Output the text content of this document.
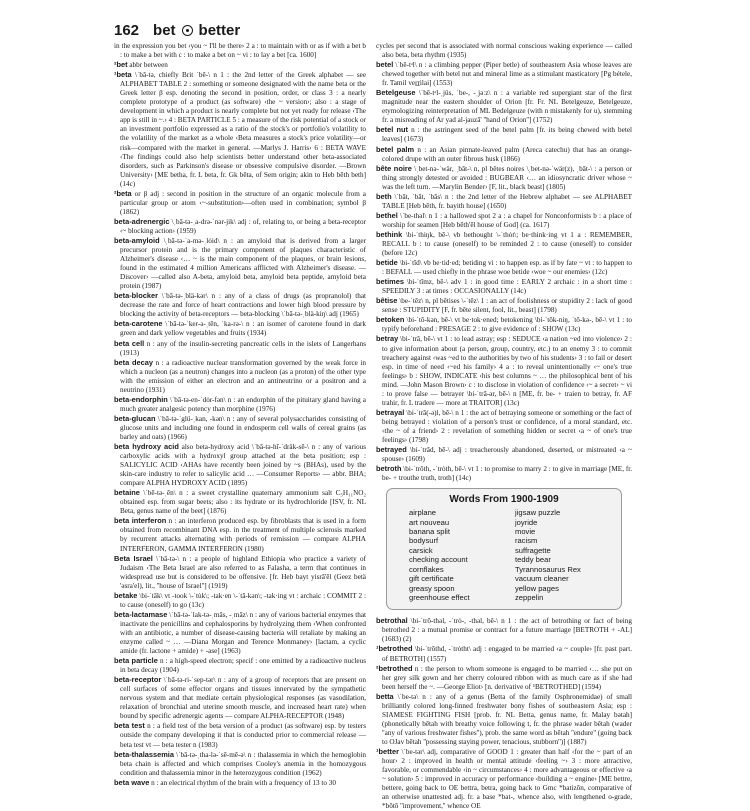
162 bet better

in the expression you bet ‹you ~ I'll be there› 2 a : to maintain with or as if with a bet b : to make a bet with c : to make a bet on ~ vi : to lay a bet [ca. 1600]

²bet abbr between

¹beta \ˈbā-tə, chiefly Brit ˈbē-\ n 1 : the 2nd letter of the Greek alphabet — see ALPHABET TABLE 2 : something or someone designated with the name beta or the Greek letter β esp. denoting the second in position, order, or class 3 : a nearly complete prototype of a product (as software) ‹the ~ version›; also : a stage of development in which a product is nearly complete but not yet ready for release ‹The app is still in ~.› 4 : BETA PARTICLE 5 : a measure of the risk potential of a stock or an investment portfolio expressed as a ratio of the stock's or portfolio's volatility to the volatility of the market as a whole ‹Beta measures a stock's price volatility—or risk—compared with the market in general. —Marlys J. Harris› 6 : BETA WAVE ‹The findings could also help scientists better understand other beta-associated disorders, such as Parkinson's disease or obsessive compulsive disorder. —Brown University› [ME betha, fr. L beta, fr. Gk bēta, of Sem origin; akin to Heb bēth beth] (14c)

²beta or β adj : second in position in the structure of an organic molecule from a particular group or atom ‹~-substitution›—often used in combination; symbol β (1862)

beta-adrenergic \ˌbā-tə-ˌa-drə-ˈnər-jik\ adj : of, relating to, or being a beta-receptor ‹~ blocking action› (1959)

beta-amyloid \ˌbā-tə-ˈa-mə-ˌlȯid\ n : an amyloid that is derived from a larger precursor protein and is the primary component of plaques characteristic of Alzheimer's disease ‹… ~ is the main component of the plaques, or brain lesions, found in the estimated 4 million Americans afflicted with Alzheimer's disease. —Discover› —called also A-beta, amyloid beta, amyloid beta peptide, amyloid beta protein (1987)

beta-blocker \ˈbā-tə-ˌblä-kər\ n : any of a class of drugs (as propranolol) that decrease the rate and force of heart contractions and lower high blood pressure by blocking the activity of beta-receptors — beta-blocking \ˈbā-tə-ˌblä-kiŋ\ adj (1965)

beta-carotene \ˈbā-tə-ˈker-ə-ˌtēn, ˈka-rə-\ n : an isomer of carotene found in dark green and dark yellow vegetables and fruits (1934)

beta cell n : any of the insulin-secreting pancreatic cells in the islets of Langerhans (1913)

beta decay n : a radioactive nuclear transformation governed by the weak force in which a nucleon (as a neutron) changes into a nucleon (as a proton) of the other type with the emission of either an electron and an antineutrino or a positron and a neutrino (1931)

beta-endorphin \ˈbā-tə-en-ˈdȯr-fən\ n : an endorphin of the pituitary gland having a much greater analgesic potency than morphine (1976)

beta-glucan \ˈbā-tə-ˈglü-ˌkan, -kən\ n : any of several polysaccharides consisting of glucose units and including one found in endosperm cell walls of cereal grains (as barley and oats) (1966)

beta hydroxy acid also beta-hydroxy acid \ˈbā-tə-hī-ˈdräk-sē-\ n : any of various carboxylic acids with a hydroxyl group attached at the beta position; esp : SALICYLIC ACID ‹AHAs have recently been joined by ~s (BHAs), used by the skin-care industry to refer to salicylic acid … —Consumer Reports› — abbr. BHA; compare ALPHA HYDROXY ACID (1895)

betaine \ˈbē-tə-ˌēn\ n : a sweet crystalline quaternary ammonium salt C₅H₁₁NO₂ obtained esp. from sugar beets; also : its hydrate or its hydrochloride [ISV, fr. NL Beta, genus name of the beet] (1876)

beta interferon n : an interferon produced esp. by fibroblasts that is used in a form obtained from recombinant DNA esp. in the treatment of multiple sclerosis marked by recurrent attacks alternating with periods of remission — compare ALPHA INTERFERON, GAMMA INTERFERON (1980)

Beta Israel \ˈbā-tə-\ n : a people of highland Ethiopia who practice a variety of Judaism ‹The Beta Israel are also referred to as Falasha, a term that continues in widespread use but is considered to be offensive. [fr. Heb bayt yisrā'ēl (Geez betä 'əsra'el), lit., ''house of Israel''] (1919)

betake \bi-ˈtāk\ vt -took \-ˈtu̇k\; -tak·en \-ˈtā-kən\; -tak·ing vt : archaic : COMMIT 2 : to cause (oneself) to go (13c)

beta-lactamase \ˈbā-tə-ˈlak-tə-ˌmās, -ˌmāz\ n : any of various bacterial enzymes that inactivate the penicillins and cephalosporins by hydrolyzing them ‹When confronted with an antibiotic, a number of disease-causing bacteria will retaliate by making an enzyme called ~ … —Diana Morgan and Terence Monmaney› [lactam, a cyclic amide (fr. lactone + amide) + -ase] (1963)

beta particle n : a high-speed electron; specif : one emitted by a radioactive nucleus in beta decay (1904)

beta-receptor \ˈbā-tə-ri-ˈsep-tər\ n : any of a group of receptors that are present on cell surfaces of some effector organs and tissues innervated by the sympathetic nervous system and that mediate certain physiological responses (as vasodilation, relaxation of bronchial and uterine smooth muscle, and increased heart rate) when bound by specific adrenergic agents — compare ALPHA-RECEPTOR (1948)

beta test n : a field test of the beta version of a product (as software) esp. by testers outside the company developing it that is conducted prior to commercial release — beta test vt — beta tester n (1983)

beta-thalassemia \ˈbā-tə-ˌtha-lə-ˈsē-mē-ə\ n : thalassemia in which the hemoglobin beta chain is affected and which comprises Cooley's anemia in the homozygous condition and thalassemia minor in the heterozygous condition (1962)

beta wave n : an electrical rhythm of the brain with a frequency of 13 to 30

cycles per second that is associated with normal conscious waking experience — called also beta, beta rhythm (1935)

betel \ˈbē-tᵊl\ n : a climbing pepper (Piper betle) of southeastern Asia whose leaves are chewed together with betel nut and mineral lime as a stimulant masticatory [Pg bétele, fr. Tamil veṟṟilai] (1553)

Betelgeuse \ˈbē-tᵊl-ˌjüs, ˈbe-, -ˌjəːz\ n : a variable red supergiant star of the first magnitude near the eastern shoulder of Orion [fr. Fr. NL Betelgeuze, Betelgeuze, etymologizing reinterpretation of ML Bedelgeuze (with n mistakenly for u), stemming fr. a misreading of Ar yad al-jauzā' ''hand of Orion''] (1752)

betel nut n : the astringent seed of the betel palm [fr. its being chewed with betel leaves] (1673)

betel palm n : an Asian pinnate-leaved palm (Areca catechu) that has an orange-colored drupe with an outer fibrous husk (1866)

bête noire \ˌbet-nə-ˈwär, ˌbāt-\ n, pl bêtes noires \ˌbet-nə-ˈwär(z), ˌbāt-\ : a person or thing strongly detested or avoided : BUGBEAR ‹… an idiosyncratic driver whose ~ was the left turn. —Marylin Bender› [F, lit., black beast] (1805)

beth \ˈbāt, ˈbāt, ˈbās\ n : the 2nd letter of the Hebrew alphabet — see ALPHABET TABLE [Heb bēth, fr. bayith house] (1650)

bethel \ˈbe-thəl\ n 1 : a hallowed spot 2 a : a chapel for Nonconformists b : a place of worship for seamen [Heb bēth'ēl house of God] (ca. 1617)

bethink \bi-ˈthiŋk, bē-\ vb bethought \-ˈthȯt\; be·think·ing vt 1 a : REMEMBER, RECALL b : to cause (oneself) to be reminded 2 : to cause (oneself) to consider (before 12c)

betide \bi-ˈtīd\ vb be·tid·ed; betiding vi : to happen esp. as if by fate ~ vt : to happen to : BEFALL — used chiefly in the phrase woe betide ‹woe ~ our enemies› (12c)

betimes \bi-ˈtīmz, bē-\ adv 1 : in good time : EARLY 2 archaic : in a short time : SPEEDILY 3 : at times : OCCASIONALLY (14c)

bêtise \be-ˈtēz\ n, pl bêtises \-ˈtēz\ 1 : an act of foolishness or stupidity 2 : lack of good sense : STUPIDITY [F, fr. bête silent, fool, lit., beast] (1798)

betoken \bi-ˈtō-kən, bē-\ vt be·tok·ened; betokening \bi-ˈtōk-niŋ, ˈtō-kə-, bē-\ vt 1 : to typify beforehand : PRESAGE 2 : to give evidence of : SHOW (13c)

betray \bi-ˈtrā, bē-\ vt 1 : to lead astray; esp : SEDUCE ‹a nation ~ed into violence› 2 : to give information about (a person, group, country, etc.) to an enemy 3 : to commit treachery against ‹was ~ed to the authorities by two of his students› 3 : to fail or desert esp. in time of need ‹~ed his family› 4 a : to reveal unintentionally ‹~ one's true feelings› b : SHOW, INDICATE ‹his best columns ~ … the philosophical bent of his mind. —John Mason Brown› c : to disclose in violation of confidence ‹~ a secret› ~ vi : to prove false — betrayer \bi-ˈtrā-ər, bē-\ n [ME, fr. be- + traien to betray, fr. AF trahir, fr. L tradere — more at TRAITOR] (13c)

betrayal \bi-ˈtrā(-ə)l, bē-\ n 1 : the act of betraying someone or something or the fact of being betrayed : violation of a person's trust or confidence, of a moral standard, etc. ‹the ~ of a friend› 2 : revelation of something hidden or secret ‹a ~ of one's true feelings› (1798)

betrayed \bi-ˈtrād, bē-\ adj : treacherously abandoned, deserted, or mistreated ‹a ~ spouse› (1609)

betroth \bi-ˈtrōth, -ˈtrȯth, bē-\ vt 1 : to promise to marry 2 : to give in marriage [ME, fr. be- + trouthe truth, troth] (14c)

Words From 1900-1909
airplane
art nouveau
banana split
bodysurf
carsick
checking account
cornflakes
gift certificate
greasy spoon
greenhouse effect
jigsaw puzzle
joyride
movie
racism
suffragette
teddy bear
Tyrannosaurus Rex
vacuum cleaner
yellow pages
zeppelin

betrothal \bi-ˈtrō-thəl, -ˈtrȯ-, -thəl, bē-\ n 1 : the act of betrothing or fact of being betrothed 2 : a mutual promise or contract for a future marriage [BETROTH + -AL] (1683) (2)

¹betrothed \bi-ˈtrōthd, -ˈtrȯtht\ adj : engaged to be married ‹a ~ couple› [fr. past part. of BETROTH] (1557)

²betrothed n : the person to whom someone is engaged to be married ‹… she put on her grey silk gown and her cherry coloured ribbon with as much care as if she had been herself the ~. —George Eliot› [n. derivative of ¹BETROTHED] (1594)

betta \ˈbe-tə\ n : any of a genus (Betta of the family Osphronemidae) of small brilliantly colored long-finned freshwater bony fishes of southeastern Asia; esp : SIAMESE FIGHTING FISH [prob. fr. NL Betta, genus name, fr. Malay bətah] (phonetically bētah with breathy voice following t, fr. the phrase wader bētah (wader ''any of various freshwater fishes''), prob. the same word as bētah ''endure'' (going back to OJav bētah ''possessing staying power, tenacious, stubborn'')] (1887)

¹better \ˈbe-tər\ adj, comparative of GOOD 1 : greater than half ‹for the ~ part of an hour› 2 : improved in health or mental attitude ‹feeling ~› 3 : more attractive, favorable, or commendable ‹in ~ circumstances› 4 : more advantageous or effective ‹a ~ solution› 5 : improved in accuracy or performance ‹building a ~ engine› [ME bettre, bettere, going back to OE bettra, betra, going back to Gmc *batizōn, comparative of an otherwise unattested adj. fr. a base *bat-, whence also, with lengthened o-grade, *bōtō ''improvement,'' whence OE
